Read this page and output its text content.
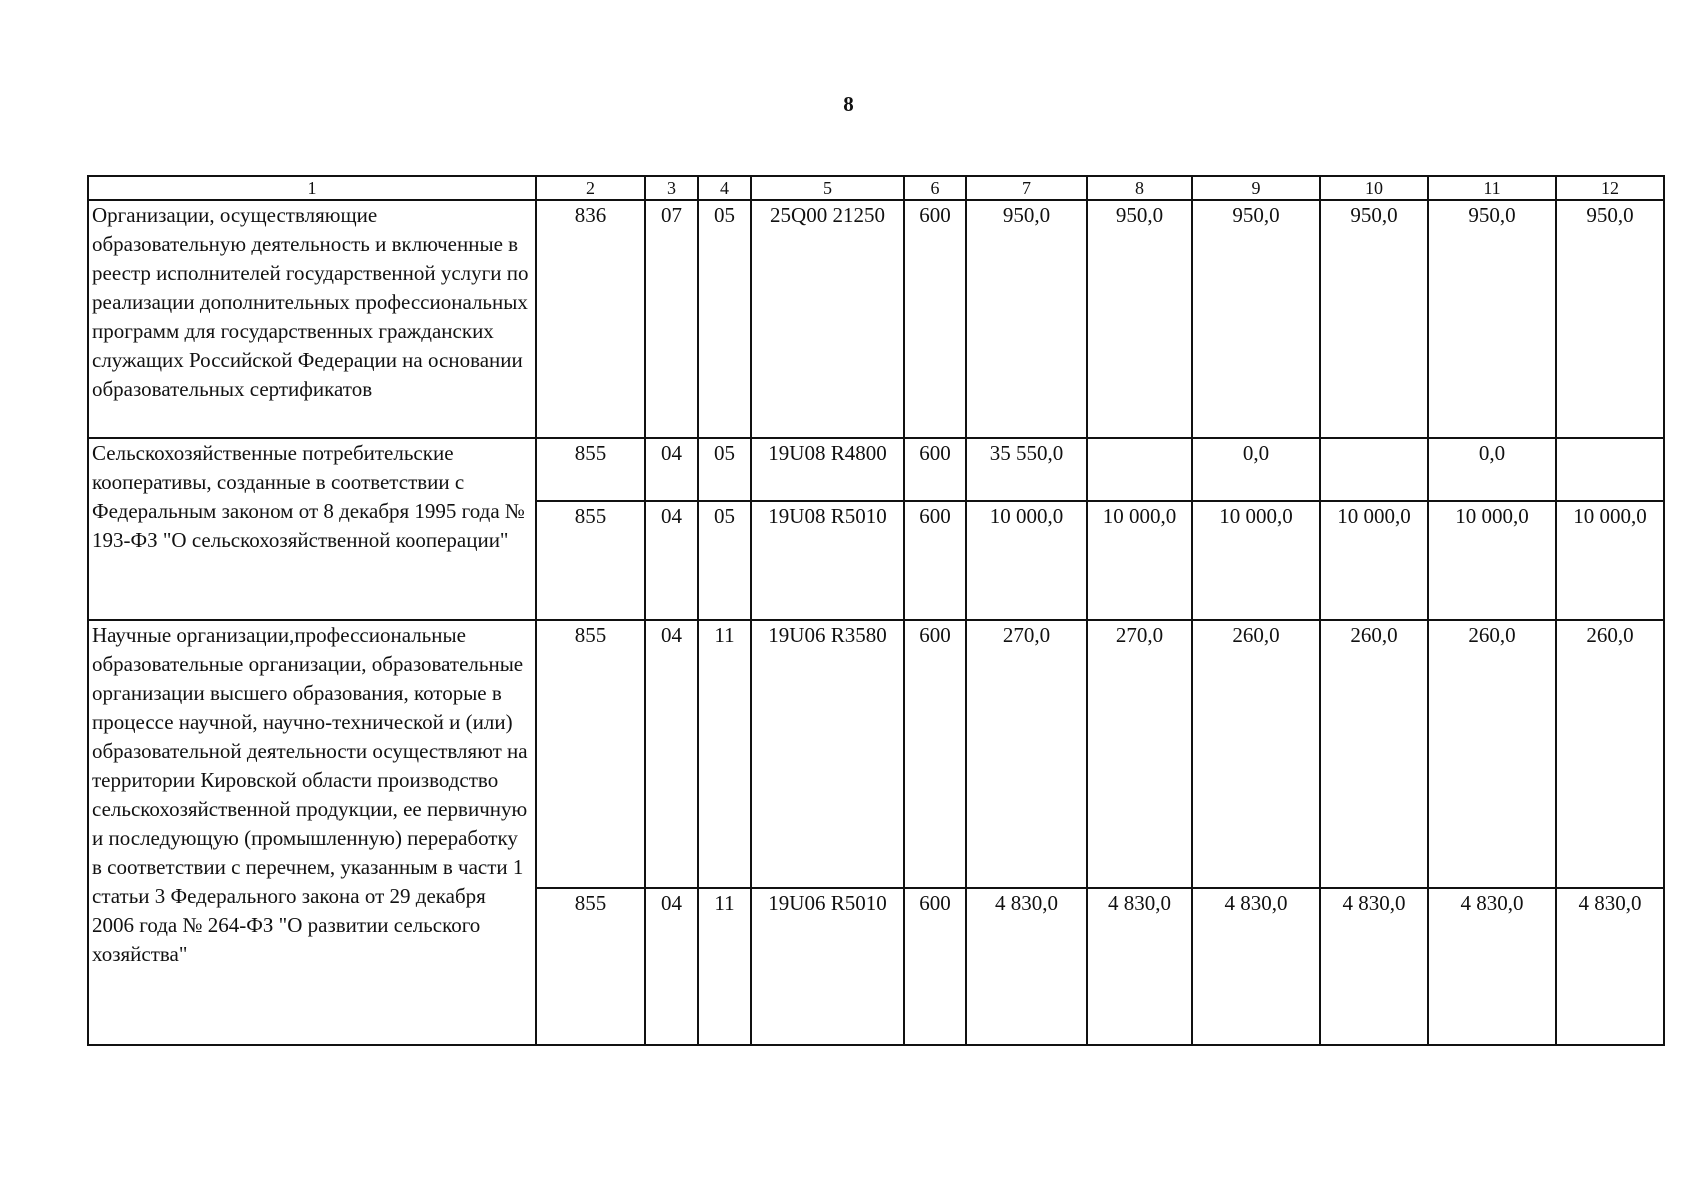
8
1	2	3	4	5	6	7	8	9	10	11	12
Организации, осуществляющие образовательную деятельность и включенные в реестр исполнителей государственной услуги по реализации дополнительных профессиональных программ для государственных гражданских служащих Российской Федерации на основании образовательных сертификатов	836	07	05	25Q00 21250	600	950,0	950,0	950,0	950,0	950,0	950,0
Сельскохозяйственные потребительские кооперативы, созданные в соответствии с Федеральным законом от 8 декабря 1995 года № 193-ФЗ "О сельскохозяйственной кооперации"	855	04	05	19U08 R4800	600	35 550,0		0,0		0,0	
	855	04	05	19U08 R5010	600	10 000,0	10 000,0	10 000,0	10 000,0	10 000,0	10 000,0
Научные организации,профессиональные образовательные организации, образовательные организации высшего образования, которые в процессе научной, научно-технической и (или) образовательной деятельности осуществляют на территории Кировской области производство сельскохозяйственной продукции, ее первичную и последующую (промышленную) переработку в соответствии с перечнем, указанным в части 1 статьи 3 Федерального закона от 29 декабря 2006 года № 264-ФЗ "О развитии сельского хозяйства"	855	04	11	19U06 R3580	600	270,0	270,0	260,0	260,0	260,0	260,0
	855	04	11	19U06 R5010	600	4 830,0	4 830,0	4 830,0	4 830,0	4 830,0	4 830,0
